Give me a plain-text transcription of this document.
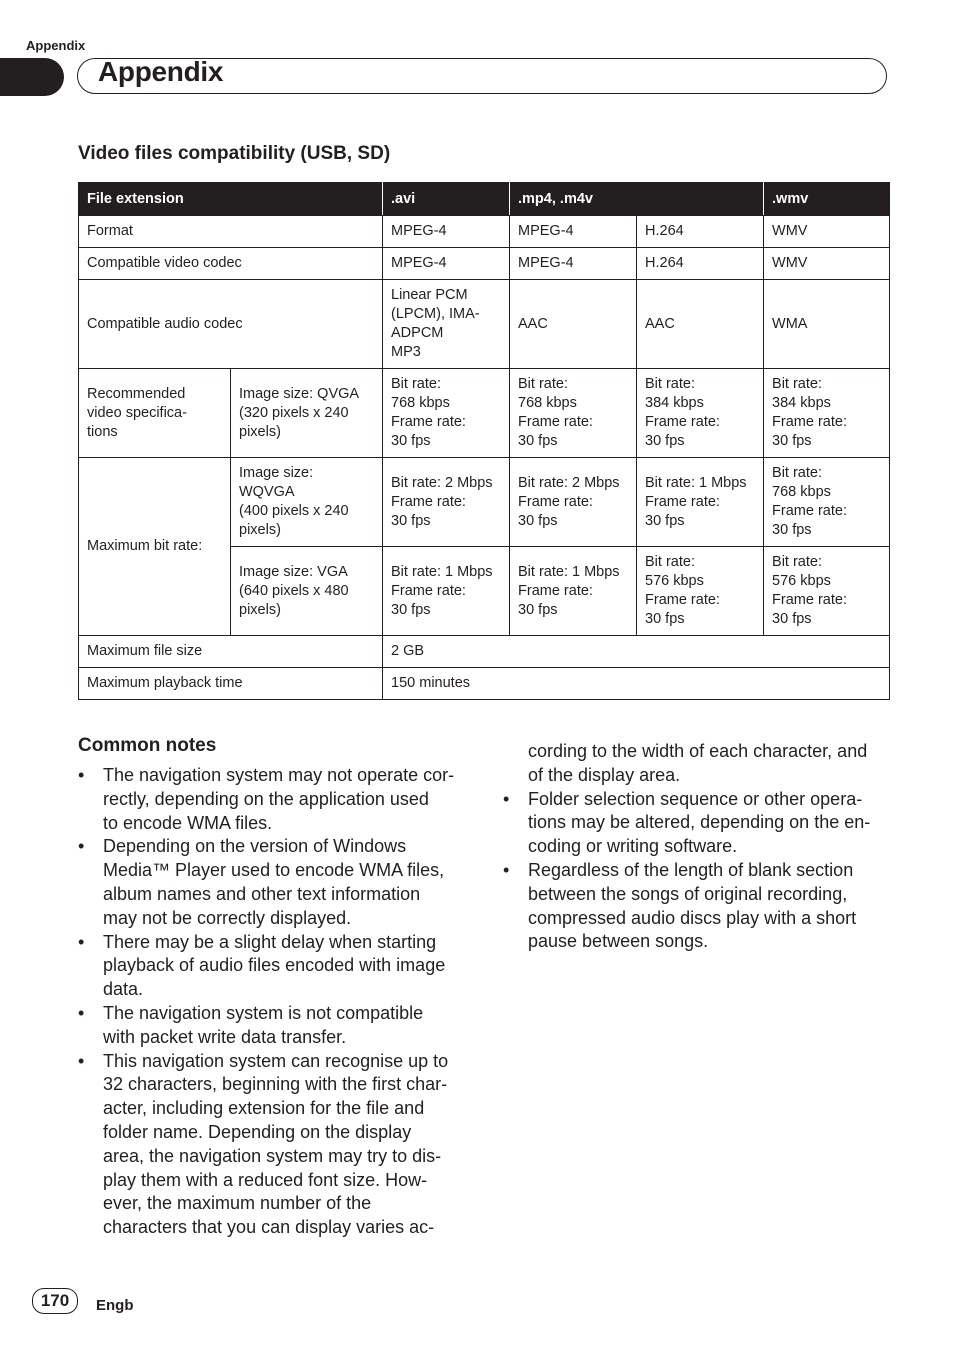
Appendix
Appendix
Video files compatibility (USB, SD)
File extension		.avi	.mp4, .m4v		.wmv
Format		MPEG-4	MPEG-4	H.264	WMV
Compatible video codec		MPEG-4	MPEG-4	H.264	WMV
Compatible audio codec		Linear PCM
(LPCM), IMA-
ADPCM
MP3	AAC	AAC	WMA
Recommended
video specifica-
tions	Image size: QVGA
(320 pixels x 240
pixels)	Bit rate:
768 kbps
Frame rate:
30 fps	Bit rate:
768 kbps
Frame rate:
30 fps	Bit rate:
384 kbps
Frame rate:
30 fps	Bit rate:
384 kbps
Frame rate:
30 fps
Maximum bit rate:	Image size:
WQVGA
(400 pixels x 240
pixels)	Bit rate: 2 Mbps
Frame rate:
30 fps	Bit rate: 2 Mbps
Frame rate:
30 fps	Bit rate: 1 Mbps
Frame rate:
30 fps	Bit rate:
768 kbps
Frame rate:
30 fps
	Image size: VGA
(640 pixels x 480
pixels)	Bit rate: 1 Mbps
Frame rate:
30 fps	Bit rate: 1 Mbps
Frame rate:
30 fps	Bit rate:
576 kbps
Frame rate:
30 fps	Bit rate:
576 kbps
Frame rate:
30 fps
Maximum file size		2 GB			
Maximum playback time		150 minutes			
Common notes
• The navigation system may not operate cor-
rectly, depending on the application used
to encode WMA files.
• Depending on the version of Windows
Media™ Player used to encode WMA files,
album names and other text information
may not be correctly displayed.
• There may be a slight delay when starting
playback of audio files encoded with image
data.
• The navigation system is not compatible
with packet write data transfer.
• This navigation system can recognise up to
32 characters, beginning with the first char-
acter, including extension for the file and
folder name. Depending on the display
area, the navigation system may try to dis-
play them with a reduced font size. How-
ever, the maximum number of the
characters that you can display varies ac-
cording to the width of each character, and
of the display area.
• Folder selection sequence or other opera-
tions may be altered, depending on the en-
coding or writing software.
• Regardless of the length of blank section
between the songs of original recording,
compressed audio discs play with a short
pause between songs.
170	Engb
